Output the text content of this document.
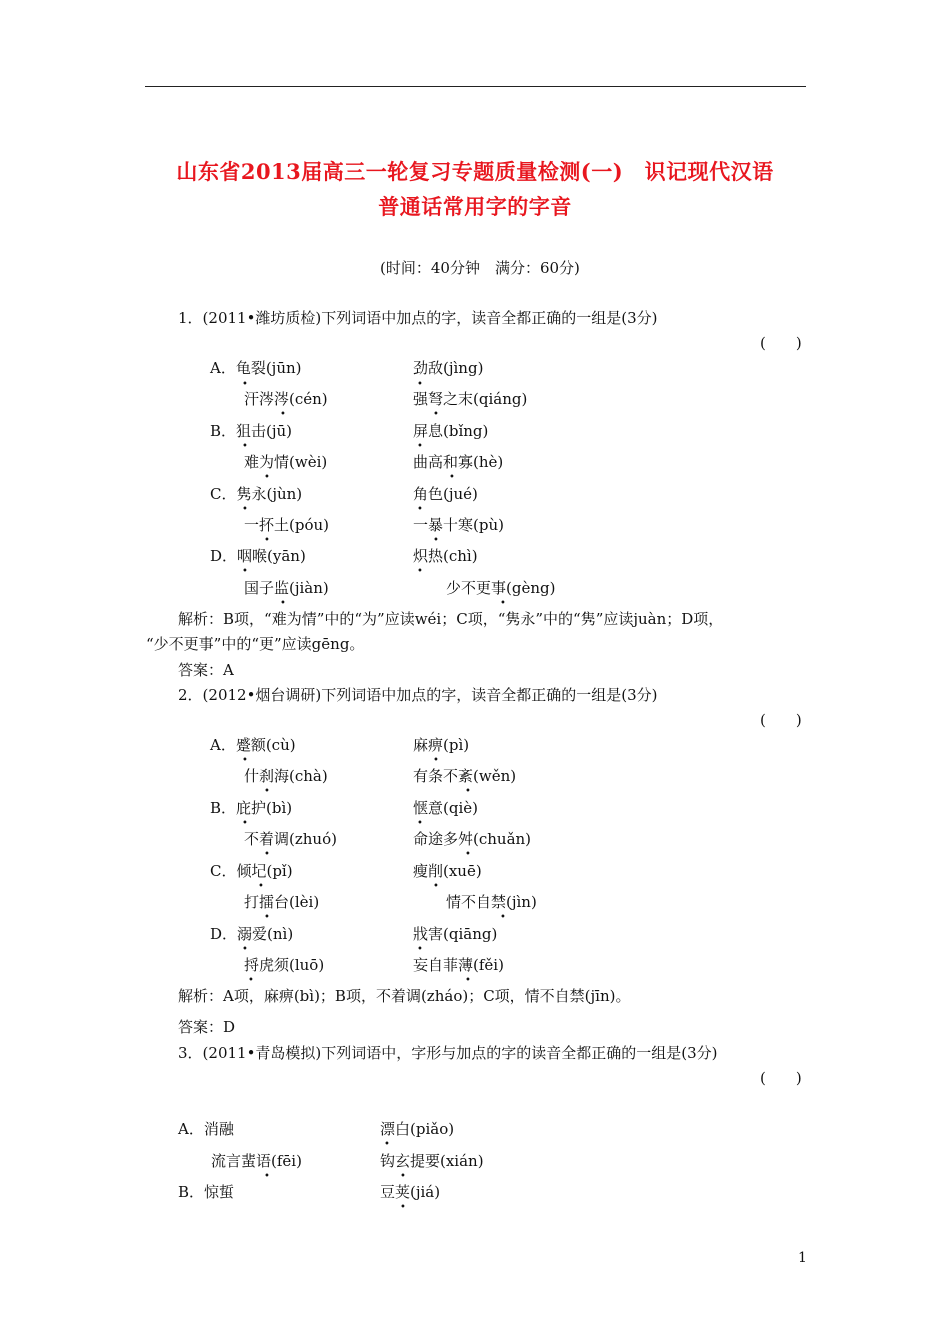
山东省2013届高三一轮复习专题质量检测(一)　识记现代汉语
普通话常用字的字音
(时间：40分钟　满分：60分)
1．(2011•潍坊质检)下列词语中加点的字，读音全都正确的一组是(3分)
(　　)
A．龟裂(jūn)	劲敌(jìng)
汗涔涔(cén)	强弩之末(qiáng)
B．狙击(jū)	屏息(bǐng)
难为情(wèi)	曲高和寡(hè)
C．隽永(jùn)	角色(jué)
一抔土(póu)	一暴十寒(pù)
D．咽喉(yān)	炽热(chì)
国子监(jiàn)	少不更事(gèng)
解析：B项，“难为情”中的“为”应读wéi；C项，“隽永”中的“隽”应读juàn；D项，
“少不更事”中的“更”应读gēng。
答案：A
2．(2012•烟台调研)下列词语中加点的字，读音全都正确的一组是(3分)
(　　)
A．蹙额(cù)	麻痹(pì)
什刹海(chà)	有条不紊(wěn)
B．庇护(bì)	惬意(qiè)
不着调(zhuó)	命途多舛(chuǎn)
C．倾圮(pǐ)	瘦削(xuē)
打擂台(lèi)	情不自禁(jìn)
D．溺爱(nì)	戕害(qiāng)
捋虎须(luō)	妄自菲薄(fěi)
解析：A项，麻痹(bì)；B项，不着调(zháo)；C项，情不自禁(jīn)。
答案：D
3．(2011•青岛模拟)下列词语中，字形与加点的字的读音全都正确的一组是(3分)
(　　)
A．消融	漂白(piǎo)
流言蜚语(fēi)	钩玄提要(xián)
B．惊蜇	豆荚(jiá)
•	•
•	•
•	•
•	•
•	•
•	•
•	•
•	•
•	•
•	•
•	•
•	•
•	•
•	•
•	•
•	•
•
•	•
•
1
